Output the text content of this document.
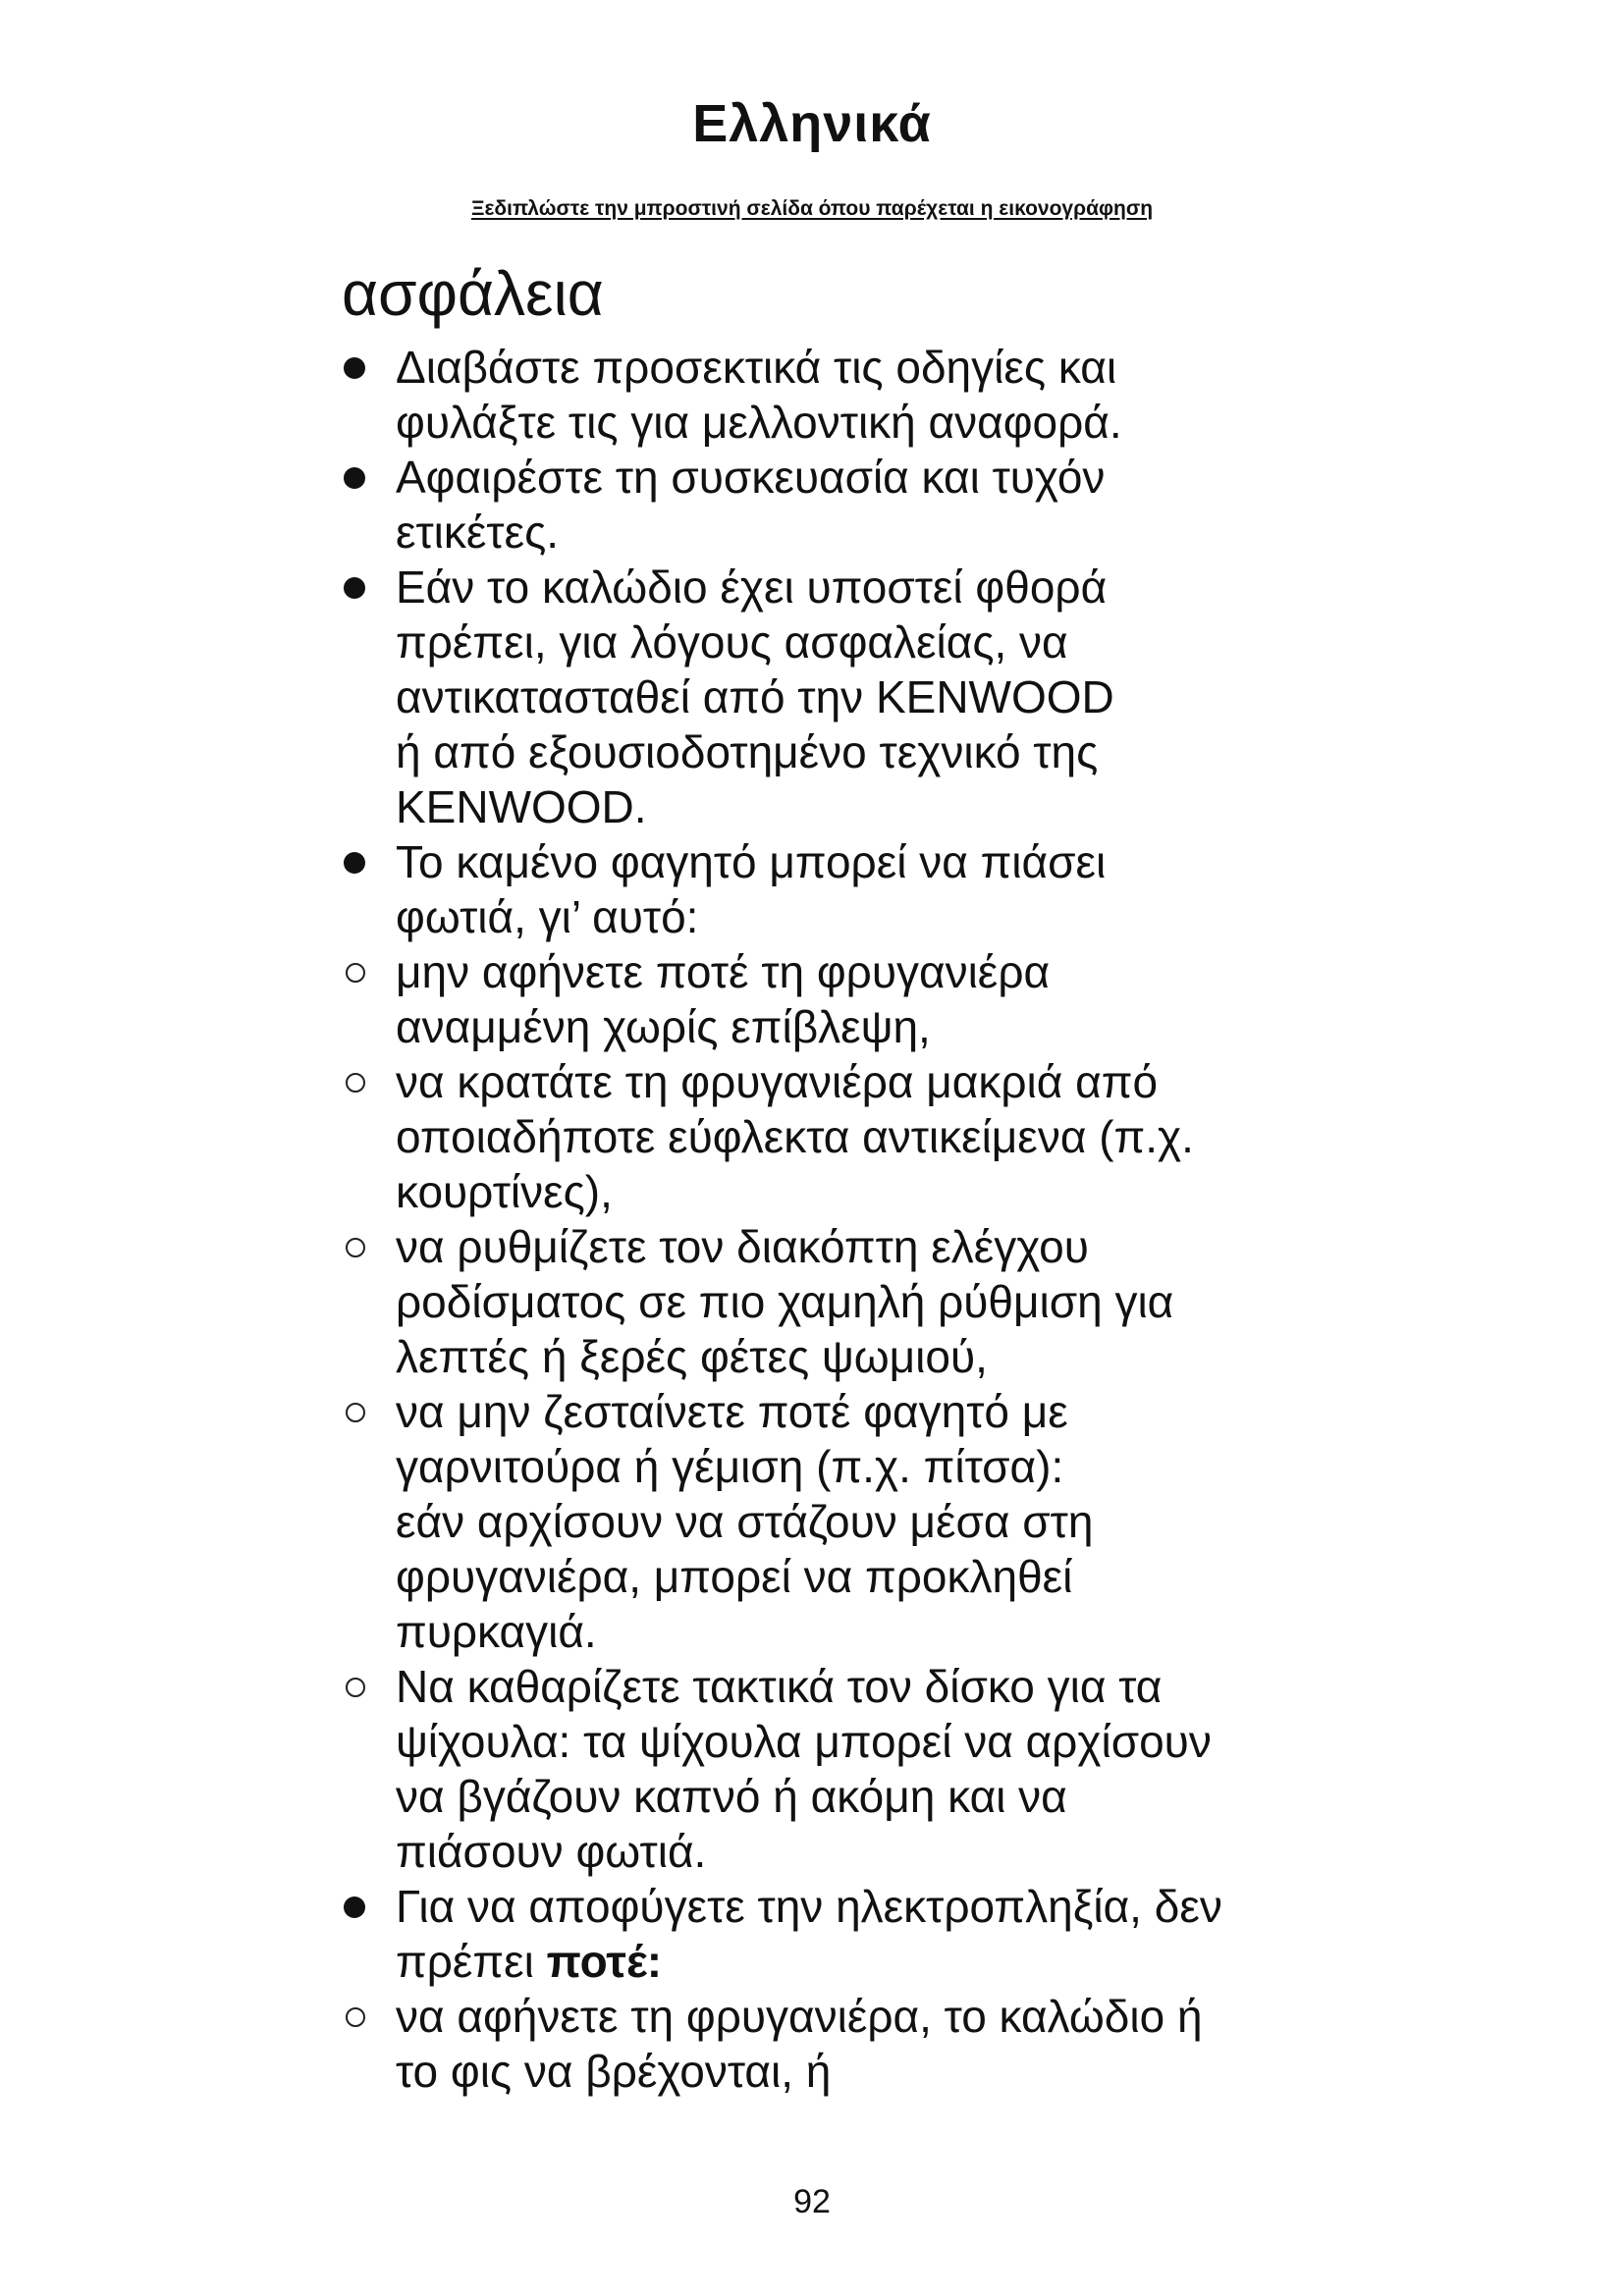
Ελληνικά
Ξεδιπλώστε την μπροστινή σελίδα όπου παρέχεται η εικονογράφηση
ασφάλεια
Διαβάστε προσεκτικά τις οδηγίες και
φυλάξτε τις για μελλοντική αναφορά.
Αφαιρέστε τη συσκευασία και τυχόν
ετικέτες.
Εάν το καλώδιο έχει υποστεί φθορά
πρέπει, για λόγους ασφαλείας, να
αντικατασταθεί από την KENWOOD
ή από εξουσιοδοτημένο τεχνικό της
KENWOOD.
Το καμένο φαγητό μπορεί να πιάσει
φωτιά, γι’ αυτό:
μην αφήνετε ποτέ τη φρυγανιέρα
αναμμένη χωρίς επίβλεψη,
να κρατάτε τη φρυγανιέρα μακριά από
οποιαδήποτε εύφλεκτα αντικείμενα (π.χ.
κουρτίνες),
να ρυθμίζετε τον διακόπτη ελέγχου
ροδίσματος σε πιο χαμηλή ρύθμιση για
λεπτές ή ξερές φέτες ψωμιού,
να μην ζεσταίνετε ποτέ φαγητό με
γαρνιτούρα ή γέμιση (π.χ. πίτσα):
εάν αρχίσουν να στάζουν μέσα στη
φρυγανιέρα, μπορεί να προκληθεί
πυρκαγιά.
Να καθαρίζετε τακτικά τον δίσκο για τα
ψίχουλα: τα ψίχουλα μπορεί να αρχίσουν
να βγάζουν καπνό ή ακόμη και να
πιάσουν φωτιά.
Για να αποφύγετε την ηλεκτροπληξία, δεν
πρέπει ποτέ:
να αφήνετε τη φρυγανιέρα, το καλώδιο ή
το φις να βρέχονται, ή
92
